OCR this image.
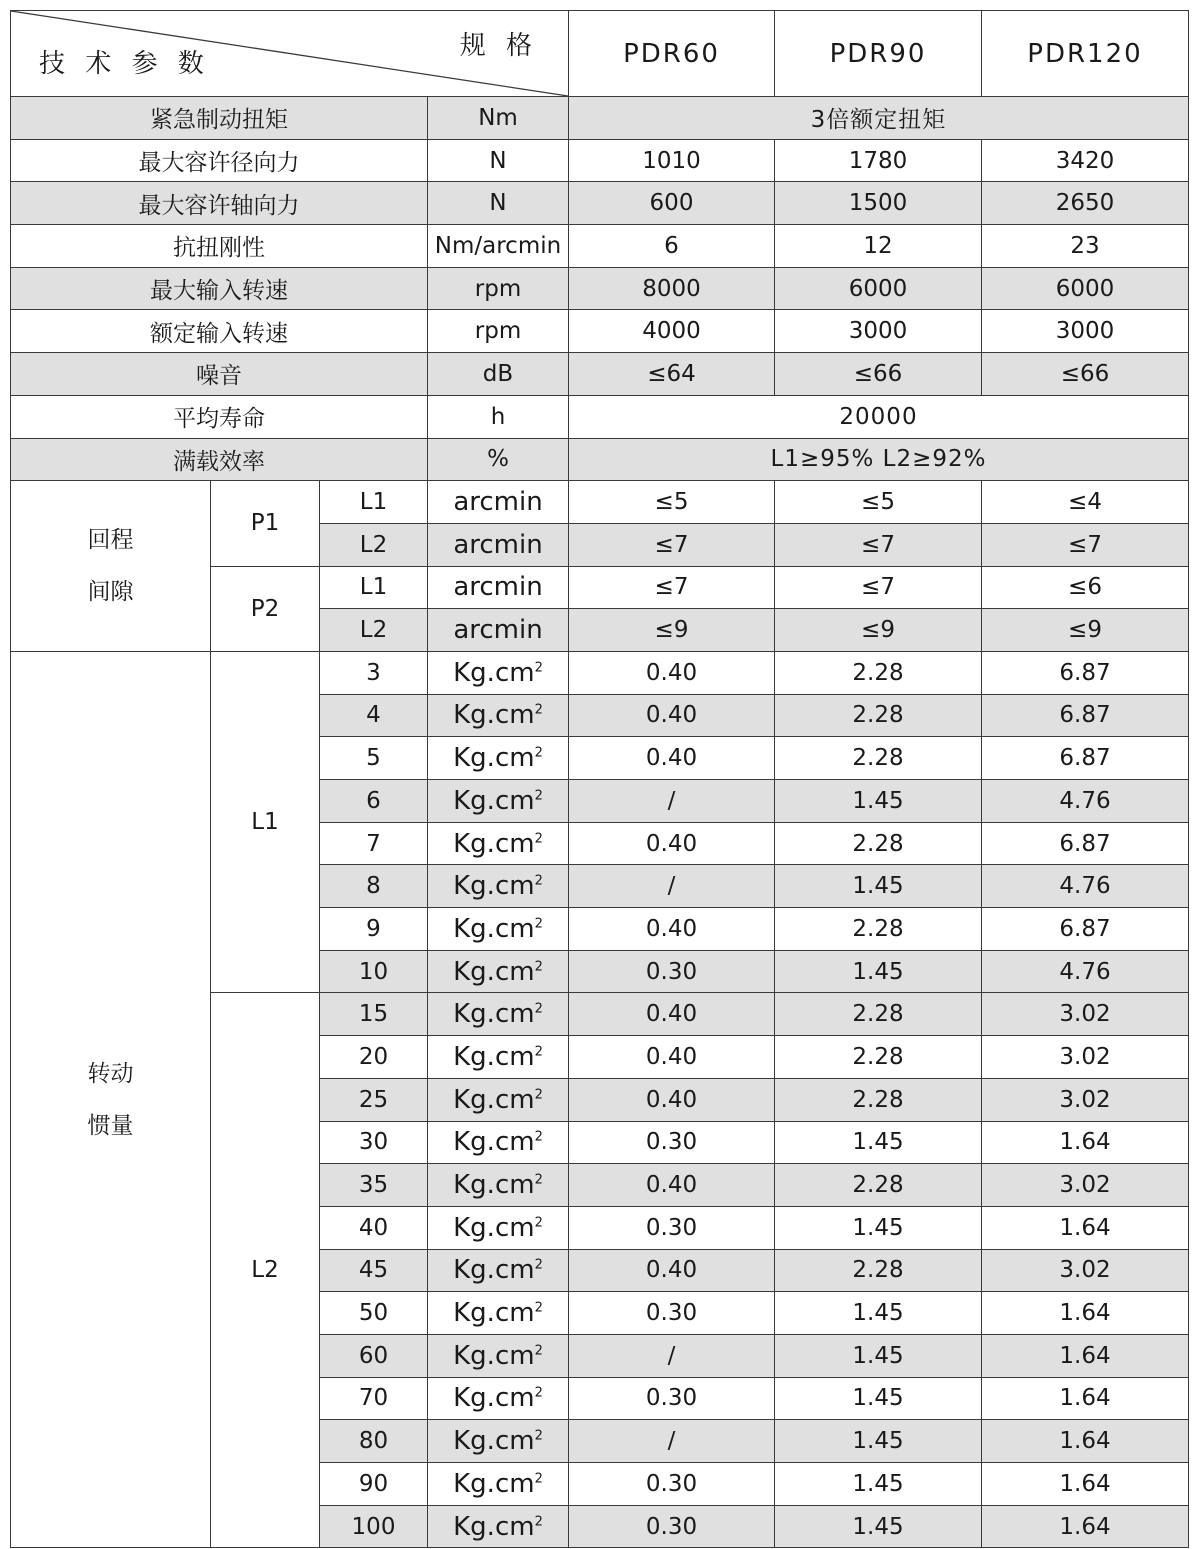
规 格
技 术 参 数				PDR60	PDR90	PDR120
紧急制动扭矩			Nm	3倍额定扭矩		
最大容许径向力			N	1010	1780	3420
最大容许轴向力			N	600	1500	2650
抗扭刚性			Nm/arcmin	6	12	23
最大输入转速			rpm	8000	6000	6000
额定输入转速			rpm	4000	3000	3000
噪音			dB	≤64	≤66	≤66
平均寿命			h	20000		
满载效率			%	L1≥95% L2≥92%		

回程
间隙	P1	L1	arcmin	≤5	≤5	≤4
		L2	arcmin	≤7	≤7	≤7
	P2	L1	arcmin	≤7	≤7	≤6
		L2	arcmin	≤9	≤9	≤9

转动
惯量	L1	3	$Kg.cm^2$	0.40	2.28	6.87
		4	$Kg.cm^2$	0.40	2.28	6.87
		5	$Kg.cm^2$	0.40	2.28	6.87
		6	$Kg.cm^2$	/	1.45	4.76
		7	$Kg.cm^2$	0.40	2.28	6.87
		8	$Kg.cm^2$	/	1.45	4.76
		9	$Kg.cm^2$	0.40	2.28	6.87
		10	$Kg.cm^2$	0.30	1.45	4.76
	L2	15	$Kg.cm^2$	0.40	2.28	3.02
		20	$Kg.cm^2$	0.40	2.28	3.02
		25	$Kg.cm^2$	0.40	2.28	3.02
		30	$Kg.cm^2$	0.30	1.45	1.64
		35	$Kg.cm^2$	0.40	2.28	3.02
		40	$Kg.cm^2$	0.30	1.45	1.64
		45	$Kg.cm^2$	0.40	2.28	3.02
		50	$Kg.cm^2$	0.30	1.45	1.64
		60	$Kg.cm^2$	/	1.45	1.64
		70	$Kg.cm^2$	0.30	1.45	1.64
		80	$Kg.cm^2$	/	1.45	1.64
		90	$Kg.cm^2$	0.30	1.45	1.64
		100	$Kg.cm^2$	0.30	1.45	1.64
